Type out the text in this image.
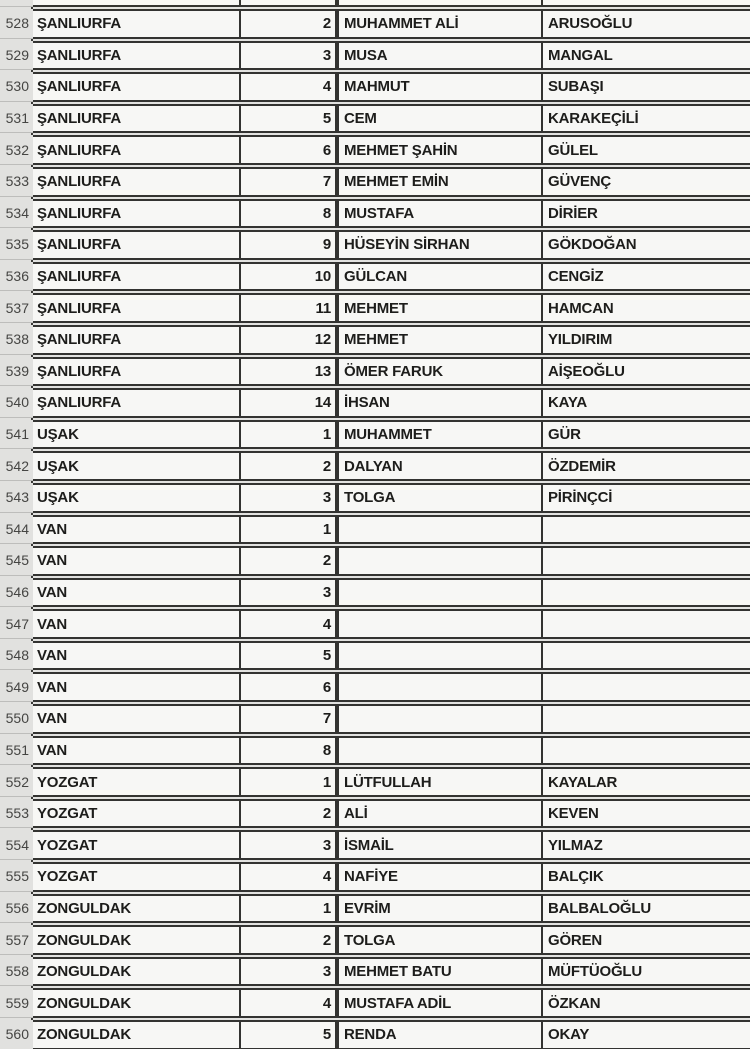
528 ŞANLIURFA	2 MUHAMMET ALİ	ARUSOĞLU
529 ŞANLIURFA	3 MUSA	MANGAL
530 ŞANLIURFA	4 MAHMUT	SUBAŞI
531 ŞANLIURFA	5 CEM	KARAKEÇİLİ
532 ŞANLIURFA	6 MEHMET ŞAHİN	GÜLEL
533 ŞANLIURFA	7 MEHMET EMİN	GÜVENÇ
534 ŞANLIURFA	8 MUSTAFA	DİRİER
535 ŞANLIURFA	9 HÜSEYİN SİRHAN	GÖKDOĞAN
536 ŞANLIURFA	10 GÜLCAN	CENGİZ
537 ŞANLIURFA	11 MEHMET	HAMCAN
538 ŞANLIURFA	12 MEHMET	YILDIRIM
539 ŞANLIURFA	13 ÖMER FARUK	AİŞEOĞLU
540 ŞANLIURFA	14 İHSAN	KAYA
541 UŞAK	1 MUHAMMET	GÜR
542 UŞAK	2 DALYAN	ÖZDEMİR
543 UŞAK	3 TOLGA	PİRİNÇCİ
544 VAN	1
545 VAN	2
546 VAN	3
547 VAN	4
548 VAN	5
549 VAN	6
550 VAN	7
551 VAN	8
552 YOZGAT	1 LÜTFULLAH	KAYALAR
553 YOZGAT	2 ALİ	KEVEN
554 YOZGAT	3 İSMAİL	YILMAZ
555 YOZGAT	4 NAFİYE	BALÇIK
556 ZONGULDAK	1 EVRİM	BALBALOĞLU
557 ZONGULDAK	2 TOLGA	GÖREN
558 ZONGULDAK	3 MEHMET BATU	MÜFTÜOĞLU
559 ZONGULDAK	4 MUSTAFA ADİL	ÖZKAN
560 ZONGULDAK	5 RENDA	OKAY
